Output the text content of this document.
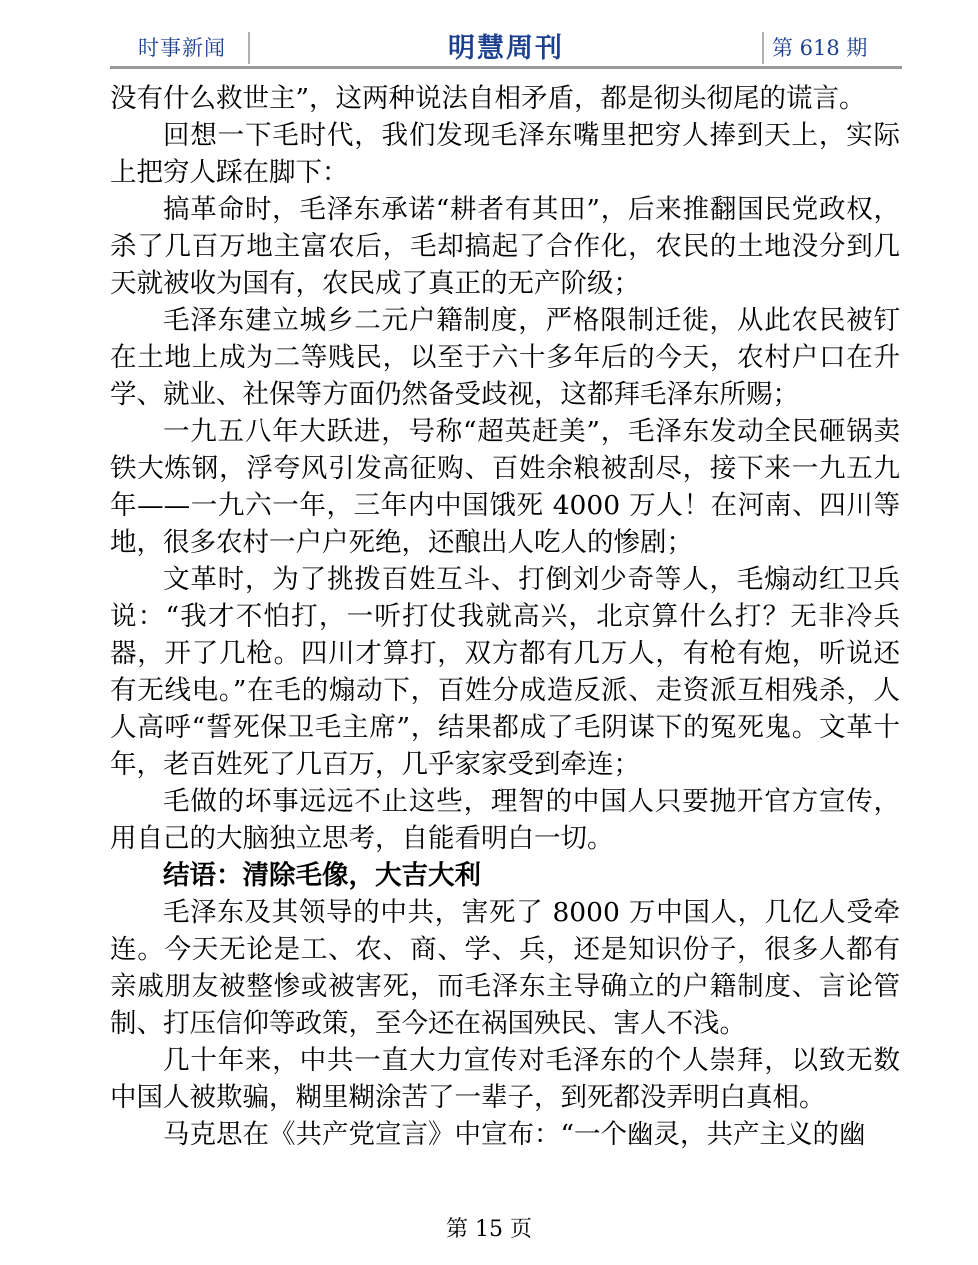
时事新闻	明慧周刊	第 618 期

没有什么救世主”，这两种说法自相矛盾，都是彻头彻尾的谎言。

回想一下毛时代，我们发现毛泽东嘴里把穷人捧到天上，实际上把穷人踩在脚下：

搞革命时，毛泽东承诺“耕者有其田”，后来推翻国民党政权，杀了几百万地主富农后，毛却搞起了合作化，农民的土地没分到几天就被收为国有，农民成了真正的无产阶级；

毛泽东建立城乡二元户籍制度，严格限制迁徙，从此农民被钉在土地上成为二等贱民，以至于六十多年后的今天，农村户口在升学、就业、社保等方面仍然备受歧视，这都拜毛泽东所赐；

一九五八年大跃进，号称“超英赶美”，毛泽东发动全民砸锅卖铁大炼钢，浮夸风引发高征购、百姓余粮被刮尽，接下来一九五九年——一九六一年，三年内中国饿死 4000 万人！在河南、四川等地，很多农村一户户死绝，还酿出人吃人的惨剧；

文革时，为了挑拨百姓互斗、打倒刘少奇等人，毛煽动红卫兵说：“我才不怕打，一听打仗我就高兴，北京算什么打？无非冷兵器，开了几枪。四川才算打，双方都有几万人，有枪有炮，听说还有无线电。”在毛的煽动下，百姓分成造反派、走资派互相残杀，人人高呼“誓死保卫毛主席”，结果都成了毛阴谋下的冤死鬼。文革十年，老百姓死了几百万，几乎家家受到牵连；

毛做的坏事远远不止这些，理智的中国人只要抛开官方宣传，用自己的大脑独立思考，自能看明白一切。

结语：清除毛像，大吉大利

毛泽东及其领导的中共，害死了 8000 万中国人，几亿人受牵连。今天无论是工、农、商、学、兵，还是知识份子，很多人都有亲戚朋友被整惨或被害死，而毛泽东主导确立的户籍制度、言论管制、打压信仰等政策，至今还在祸国殃民、害人不浅。

几十年来，中共一直大力宣传对毛泽东的个人崇拜，以致无数中国人被欺骗，糊里糊涂苦了一辈子，到死都没弄明白真相。

马克思在《共产党宣言》中宣布：“一个幽灵，共产主义的幽

第 15 页
